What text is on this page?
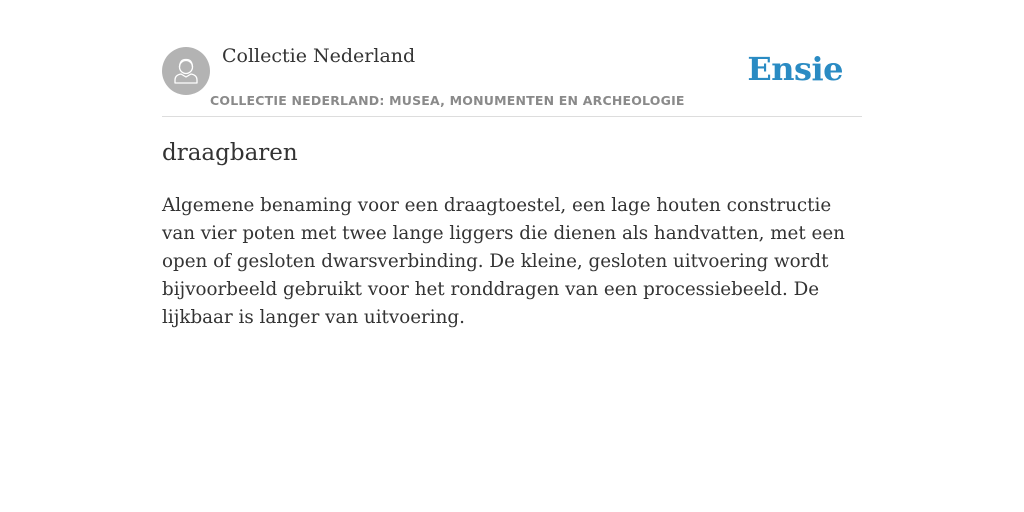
Collectie Nederland
COLLECTIE NEDERLAND: MUSEA, MONUMENTEN EN ARCHEOLOGIE
Ensie
draagbaren

Algemene benaming voor een draagtoestel, een lage houten constructie van vier poten met twee lange liggers die dienen als handvatten, met een open of gesloten dwarsverbinding. De kleine, gesloten uitvoering wordt bijvoorbeeld gebruikt voor het ronddragen van een processiebeeld. De lijkbaar is langer van uitvoering.
